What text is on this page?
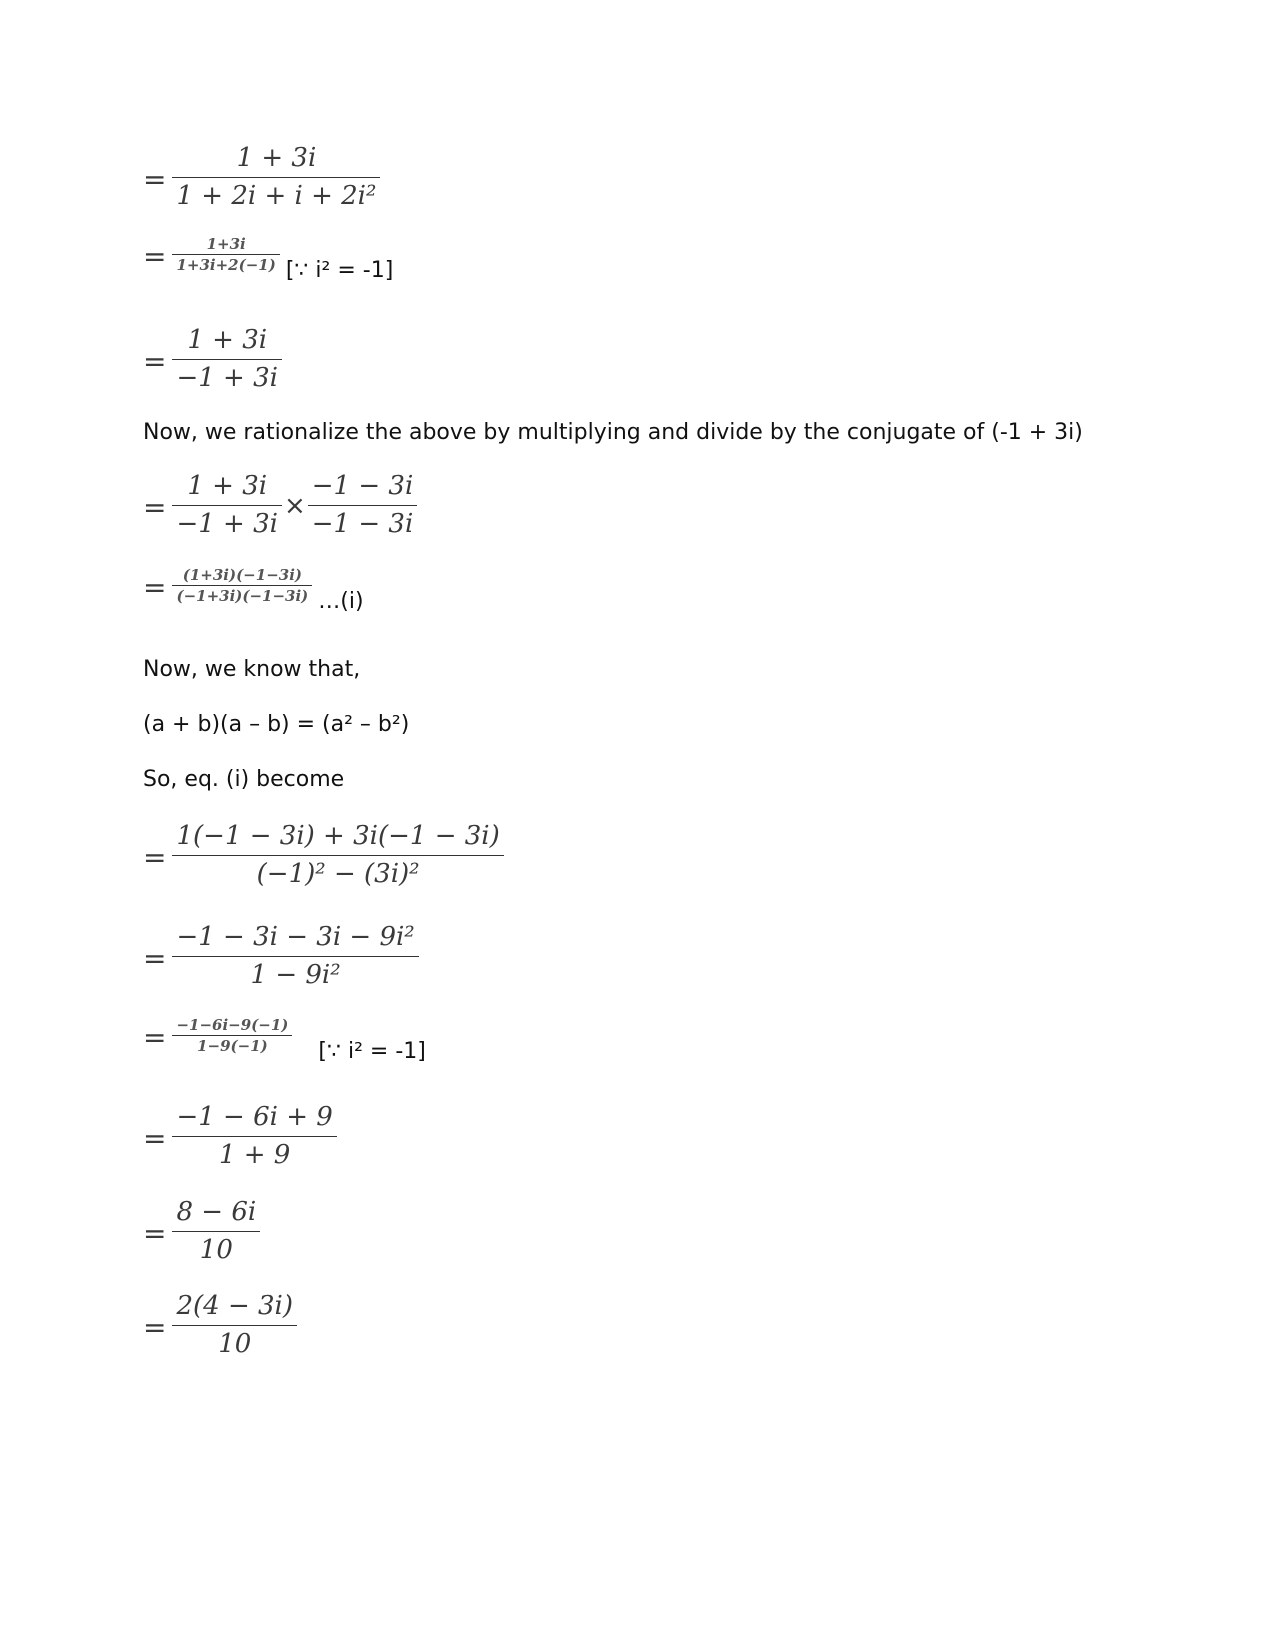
= $\frac{1 + 3i}{\text{1 + 2i + i + 2i²}}$
= $\frac{1+3i}{1+3i+2(-1)}$ [∵ i² = -1]
= $\frac{1 + 3i}{-1 + 3i}$
Now, we rationalize the above by multiplying and divide by the conjugate of (-1 + 3i)
= $\frac{1 + 3i}{-1 + 3i} \times \frac{-1 - 3i}{-1 - 3i}$
= $\frac{(1+3i)(-1-3i)}{(-1+3i)(-1-3i)}$ …(i)
Now, we know that,
(a + b)(a – b) = (a² – b²)
So, eq. (i) become
= $\frac{1(-1 - 3i) + 3i(-1 - 3i)}{\text{(−1)² − (3i)²}}$
= $\frac{\text{−1 − 3i − 3i − 9i²}}{\text{1 − 9i²}}$
= $\frac{-1-6i-9(-1)}{1-9(-1)}$ [∵ i² = -1]
= $\frac{-1 - 6i + 9}{1 + 9}$
= $\frac{8 - 6i}{10}$
= $\frac{2(4 - 3i)}{10}$
